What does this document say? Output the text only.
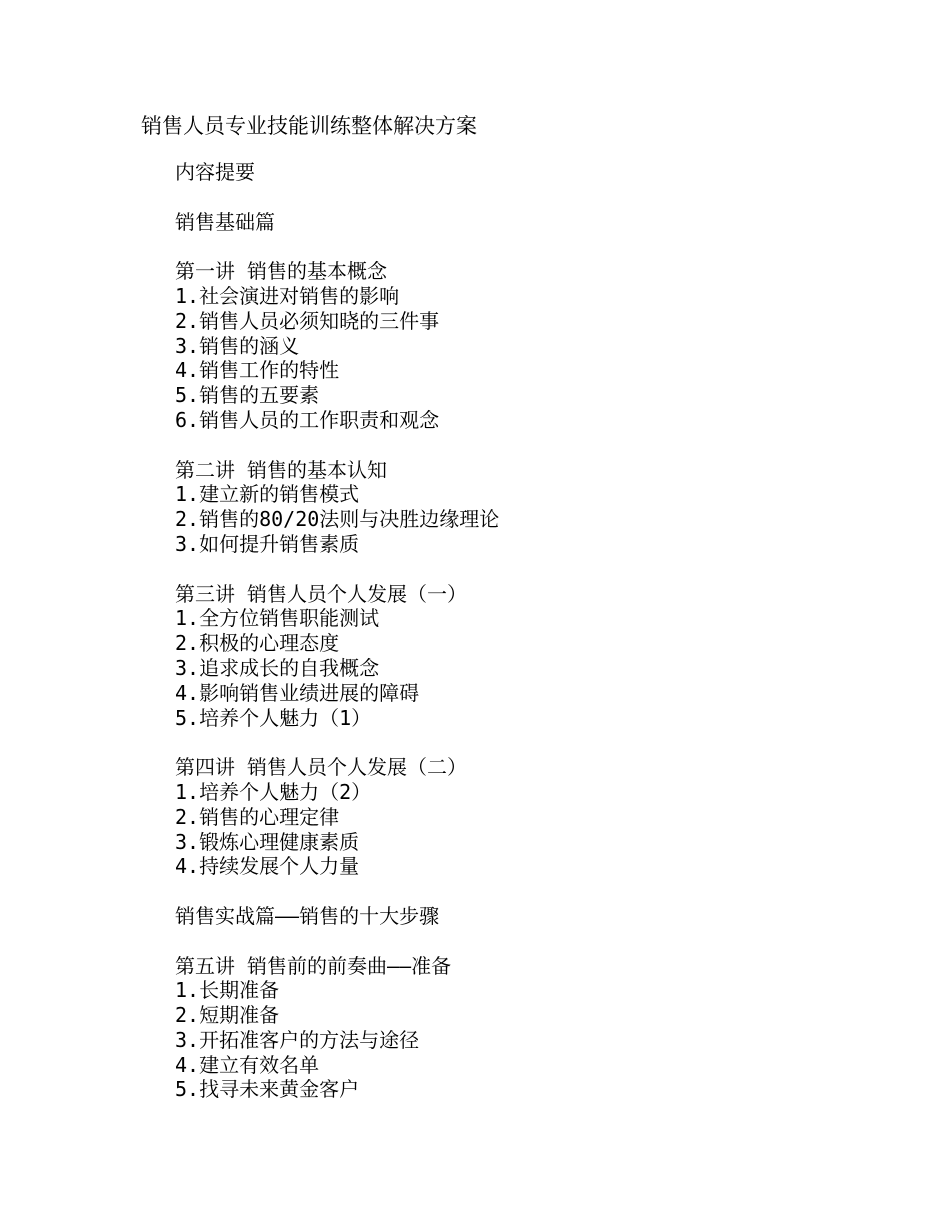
销售人员专业技能训练整体解决方案
内容提要
销售基础篇
第一讲 销售的基本概念
1.社会演进对销售的影响
2.销售人员必须知晓的三件事
3.销售的涵义
4.销售工作的特性
5.销售的五要素
6.销售人员的工作职责和观念
第二讲 销售的基本认知
1.建立新的销售模式
2.销售的80/20法则与决胜边缘理论
3.如何提升销售素质
第三讲 销售人员个人发展（一）
1.全方位销售职能测试
2.积极的心理态度
3.追求成长的自我概念
4.影响销售业绩进展的障碍
5.培养个人魅力（1）
第四讲 销售人员个人发展（二）
1.培养个人魅力（2）
2.销售的心理定律
3.锻炼心理健康素质
4.持续发展个人力量
销售实战篇——销售的十大步骤
第五讲 销售前的前奏曲——准备
1.长期准备
2.短期准备
3.开拓准客户的方法与途径
4.建立有效名单
5.找寻未来黄金客户
